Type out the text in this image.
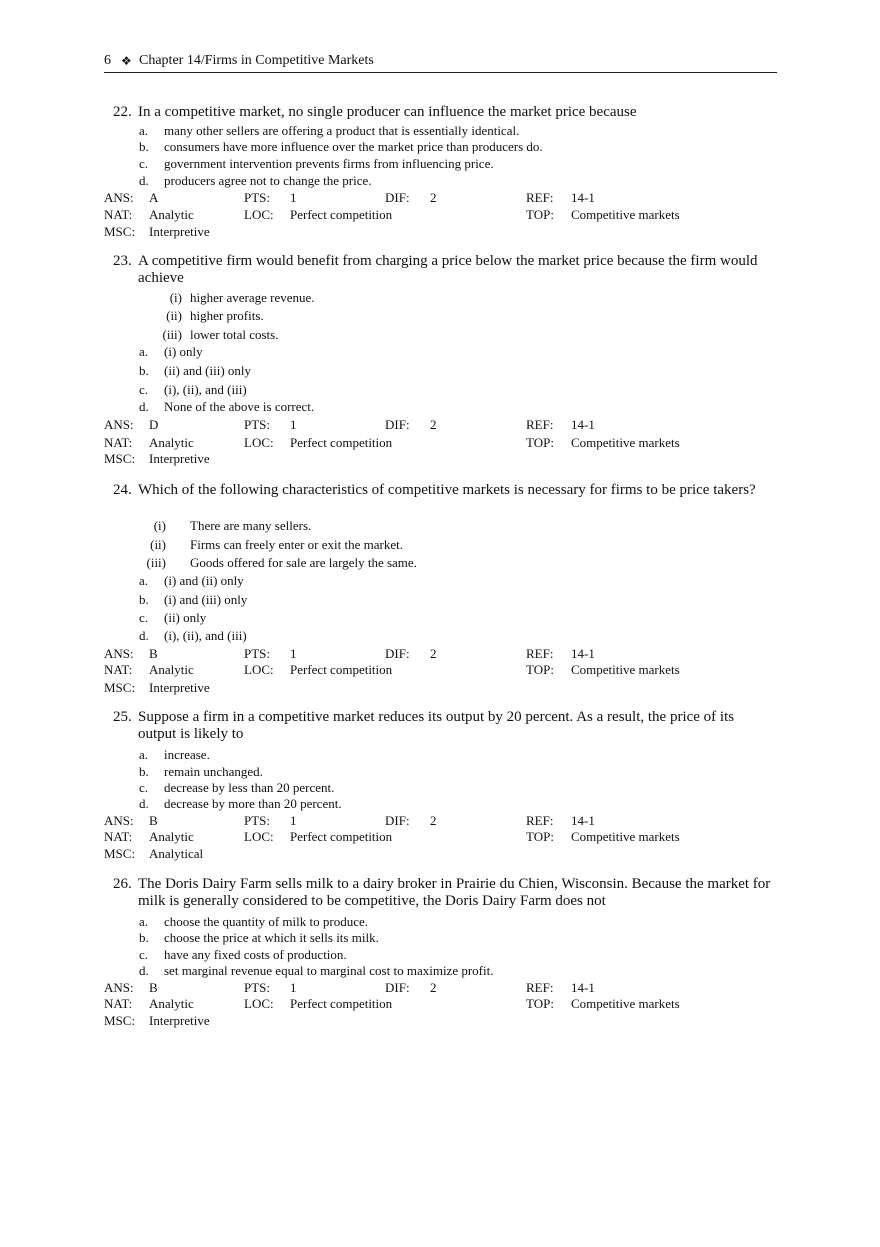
6 ❖ Chapter 14/Firms in Competitive Markets
22. In a competitive market, no single producer can influence the market price because
a. many other sellers are offering a product that is essentially identical.
b. consumers have more influence over the market price than producers do.
c. government intervention prevents firms from influencing price.
d. producers agree not to change the price.
ANS: A	PTS: 1	DIF: 2	REF: 14-1
NAT: Analytic	LOC: Perfect competition	TOP: Competitive markets
MSC: Interpretive
23. A competitive firm would benefit from charging a price below the market price because the firm would achieve
(i) higher average revenue.
(ii) higher profits.
(iii) lower total costs.
a. (i) only
b. (ii) and (iii) only
c. (i), (ii), and (iii)
d. None of the above is correct.
ANS: D	PTS: 1	DIF: 2	REF: 14-1
NAT: Analytic	LOC: Perfect competition	TOP: Competitive markets
MSC: Interpretive
24. Which of the following characteristics of competitive markets is necessary for firms to be price takers?
(i) There are many sellers.
(ii) Firms can freely enter or exit the market.
(iii) Goods offered for sale are largely the same.
a. (i) and (ii) only
b. (i) and (iii) only
c. (ii) only
d. (i), (ii), and (iii)
ANS: B	PTS: 1	DIF: 2	REF: 14-1
NAT: Analytic	LOC: Perfect competition	TOP: Competitive markets
MSC: Interpretive
25. Suppose a firm in a competitive market reduces its output by 20 percent. As a result, the price of its output is likely to
a. increase.
b. remain unchanged.
c. decrease by less than 20 percent.
d. decrease by more than 20 percent.
ANS: B	PTS: 1	DIF: 2	REF: 14-1
NAT: Analytic	LOC: Perfect competition	TOP: Competitive markets
MSC: Analytical
26. The Doris Dairy Farm sells milk to a dairy broker in Prairie du Chien, Wisconsin. Because the market for milk is generally considered to be competitive, the Doris Dairy Farm does not
a. choose the quantity of milk to produce.
b. choose the price at which it sells its milk.
c. have any fixed costs of production.
d. set marginal revenue equal to marginal cost to maximize profit.
ANS: B	PTS: 1	DIF: 2	REF: 14-1
NAT: Analytic	LOC: Perfect competition	TOP: Competitive markets
MSC: Interpretive
